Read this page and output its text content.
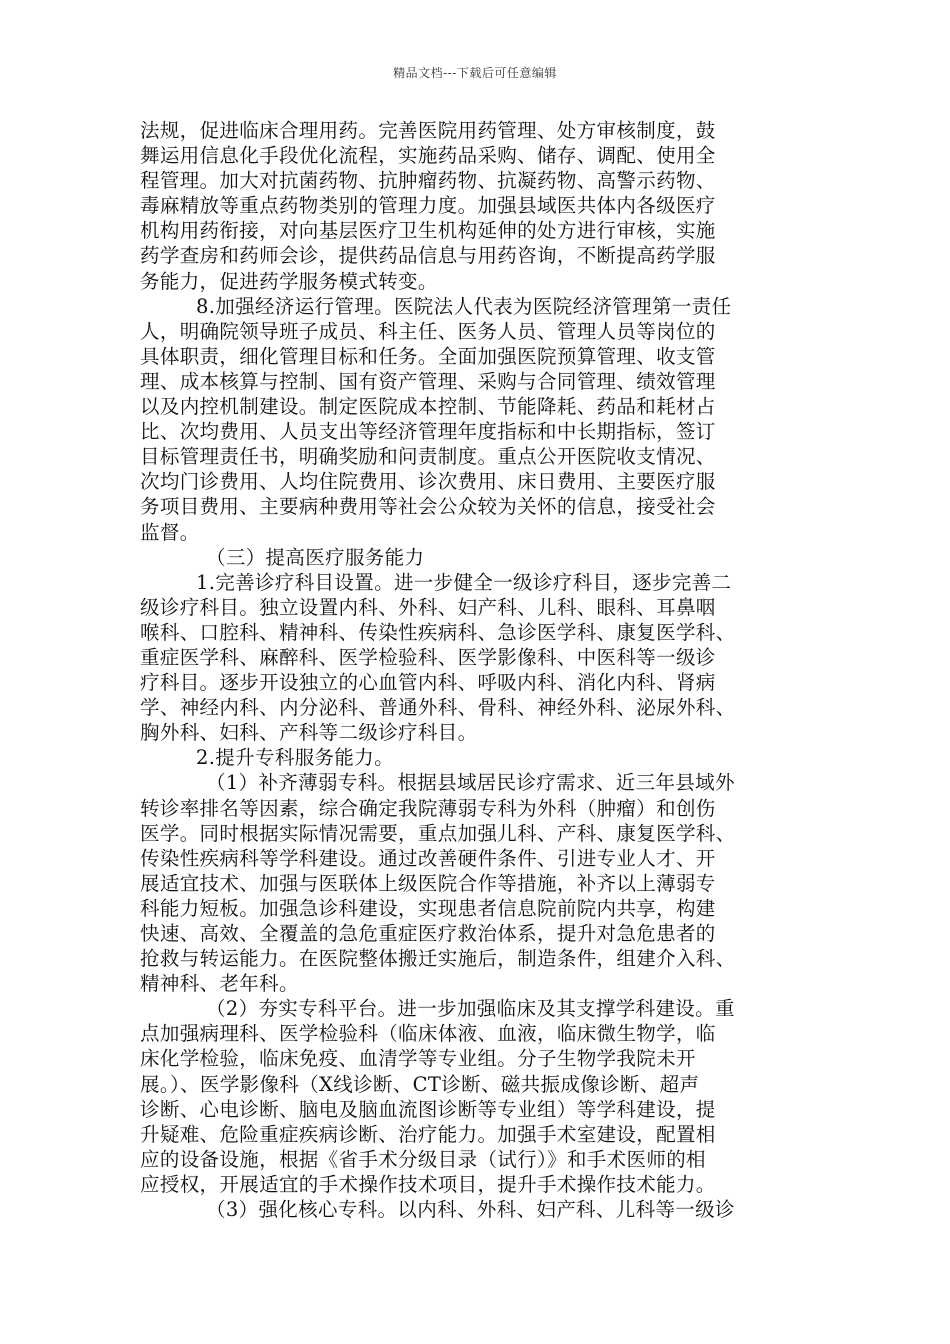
精品文档---下载后可任意编辑
法规，促进临床合理用药。完善医院用药管理、处方审核制度，鼓
舞运用信息化手段优化流程，实施药品采购、储存、调配、使用全
程管理。加大对抗菌药物、抗肿瘤药物、抗凝药物、高警示药物、
毒麻精放等重点药物类别的管理力度。加强县域医共体内各级医疗
机构用药衔接，对向基层医疗卫生机构延伸的处方进行审核，实施
药学查房和药师会诊，提供药品信息与用药咨询，不断提高药学服
务能力，促进药学服务模式转变。
8.加强经济运行管理。医院法人代表为医院经济管理第一责任
人，明确院领导班子成员、科主任、医务人员、管理人员等岗位的
具体职责，细化管理目标和任务。全面加强医院预算管理、收支管
理、成本核算与控制、国有资产管理、采购与合同管理、绩效管理
以及内控机制建设。制定医院成本控制、节能降耗、药品和耗材占
比、次均费用、人员支出等经济管理年度指标和中长期指标，签订
目标管理责任书，明确奖励和问责制度。重点公开医院收支情况、
次均门诊费用、人均住院费用、诊次费用、床日费用、主要医疗服
务项目费用、主要病种费用等社会公众较为关怀的信息，接受社会
监督。
（三）提高医疗服务能力
1.完善诊疗科目设置。进一步健全一级诊疗科目，逐步完善二
级诊疗科目。独立设置内科、外科、妇产科、儿科、眼科、耳鼻咽
喉科、口腔科、精神科、传染性疾病科、急诊医学科、康复医学科、
重症医学科、麻醉科、医学检验科、医学影像科、中医科等一级诊
疗科目。逐步开设独立的心血管内科、呼吸内科、消化内科、肾病
学、神经内科、内分泌科、普通外科、骨科、神经外科、泌尿外科、
胸外科、妇科、产科等二级诊疗科目。
2.提升专科服务能力。
（1）补齐薄弱专科。根据县域居民诊疗需求、近三年县域外
转诊率排名等因素，综合确定我院薄弱专科为外科（肿瘤）和创伤
医学。同时根据实际情况需要，重点加强儿科、产科、康复医学科、
传染性疾病科等学科建设。通过改善硬件条件、引进专业人才、开
展适宜技术、加强与医联体上级医院合作等措施，补齐以上薄弱专
科能力短板。加强急诊科建设，实现患者信息院前院内共享，构建
快速、高效、全覆盖的急危重症医疗救治体系，提升对急危患者的
抢救与转运能力。在医院整体搬迁实施后，制造条件，组建介入科、
精神科、老年科。
（2）夯实专科平台。进一步加强临床及其支撑学科建设。重
点加强病理科、医学检验科（临床体液、血液，临床微生物学，临
床化学检验，临床免疫、血清学等专业组。分子生物学我院未开
展。）、医学影像科（X线诊断、CT诊断、磁共振成像诊断、超声
诊断、心电诊断、脑电及脑血流图诊断等专业组）等学科建设，提
升疑难、危险重症疾病诊断、治疗能力。加强手术室建设，配置相
应的设备设施，根据《省手术分级目录（试行）》和手术医师的相
应授权，开展适宜的手术操作技术项目，提升手术操作技术能力。
（3）强化核心专科。以内科、外科、妇产科、儿科等一级诊
